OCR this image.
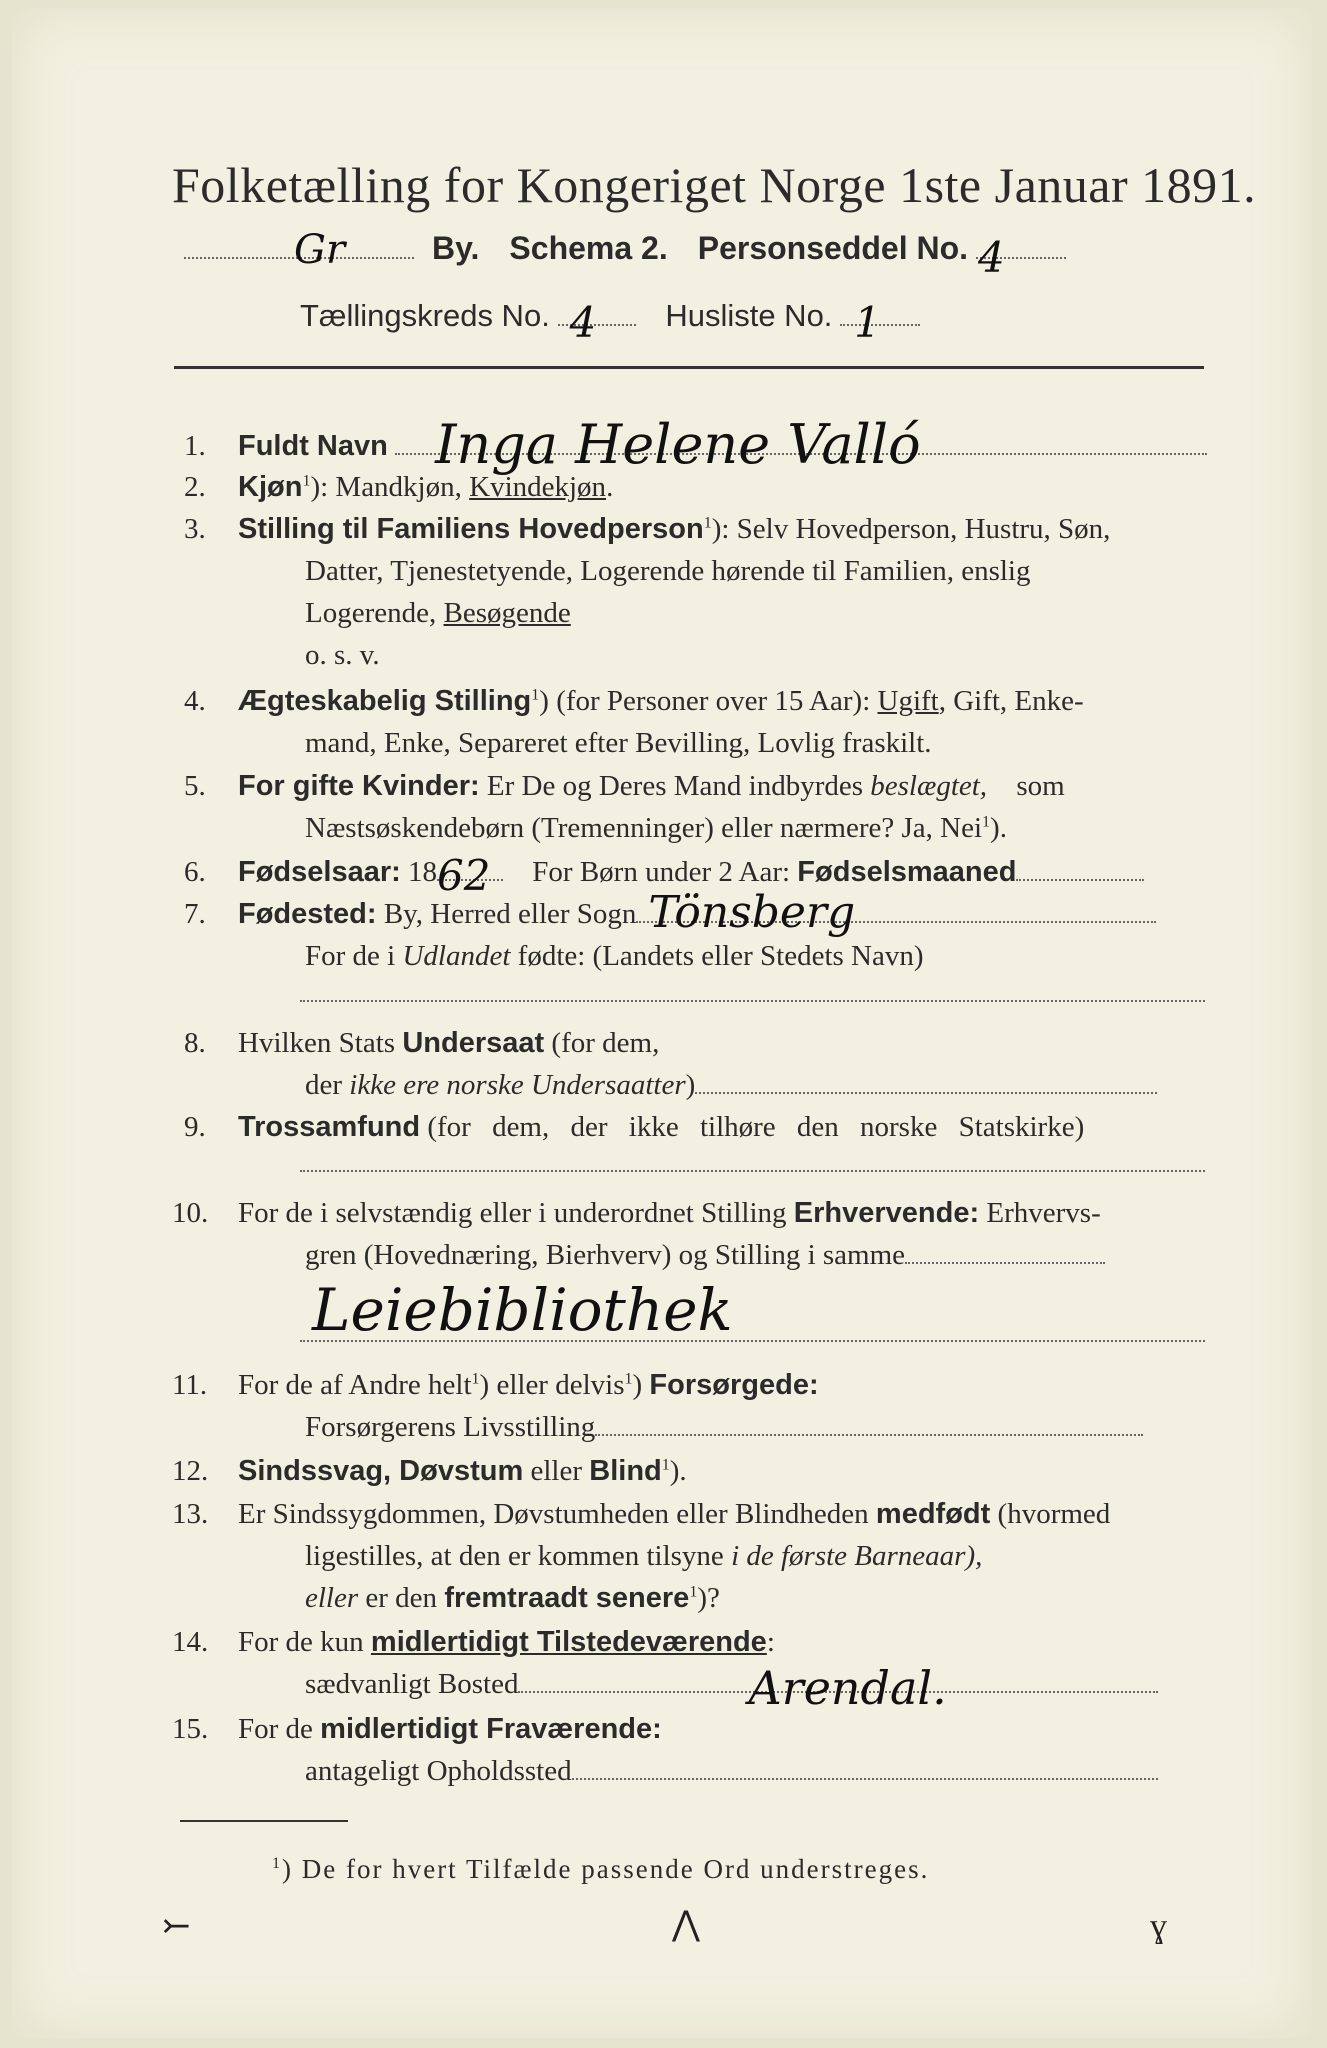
Folketælling for Kongeriget Norge 1ste Januar 1891.
Gr	By. Schema 2. Personseddel No. 4
Tællingskreds No. 4 Husliste No. 1
1. Fuldt Navn Inga Helene Valló
2. Kjøn$^1$): Mandkjøn, Kvindekjøn.
3. Stilling til Familiens Hovedperson$^1$): Selv Hovedperson, Hustru, Søn,
Datter, Tjenestetyende, Logerende hørende til Familien, enslig
Logerende, Besøgende
o. s. v.
4. Ægteskabelig Stilling$^1$) (for Personer over 15 Aar): Ugift, Gift, Enke-
mand, Enke, Separeret efter Bevilling, Lovlig fraskilt.
5. For gifte Kvinder: Er De og Deres Mand indbyrdes beslægtet, som
Næstsøskendebørn (Tremenninger) eller nærmere? Ja, Nei$^1$).
6. Fødselsaar: 18 62 For Børn under 2 Aar: Fødselsmaaned
7. Fødested: By, Herred eller Sogn Tönsberg
For de i Udlandet fødte: (Landets eller Stedets Navn)
8. Hvilken Stats Undersaat (for dem,
der ikke ere norske Undersaatter)
9. Trossamfund (for dem, der ikke tilhøre den norske Statskirke)
10. For de i selvstændig eller i underordnet Stilling Erhvervende: Erhvervs-
gren (Hovednæring, Bierhverv) og Stilling i samme
Leiebibliothek
11. For de af Andre helt$^1$) eller delvis$^1$) Forsørgede:
Forsørgerens Livsstilling
12. Sindssvag, Døvstum eller Blind$^1$).
13. Er Sindssygdommen, Døvstumheden eller Blindheden medfødt (hvormed
ligestilles, at den er kommen tilsyne i de første Barneaar),
eller er den fremtraadt senere$^1$)?
14. For de kun midlertidigt Tilstedeværende:
sædvanligt Bosted	Arendal.
15. For de midlertidigt Fraværende:
antageligt Opholdssted
$^1$) De for hvert Tilfælde passende Ord understreges.
⤚	⋀	ɣ
